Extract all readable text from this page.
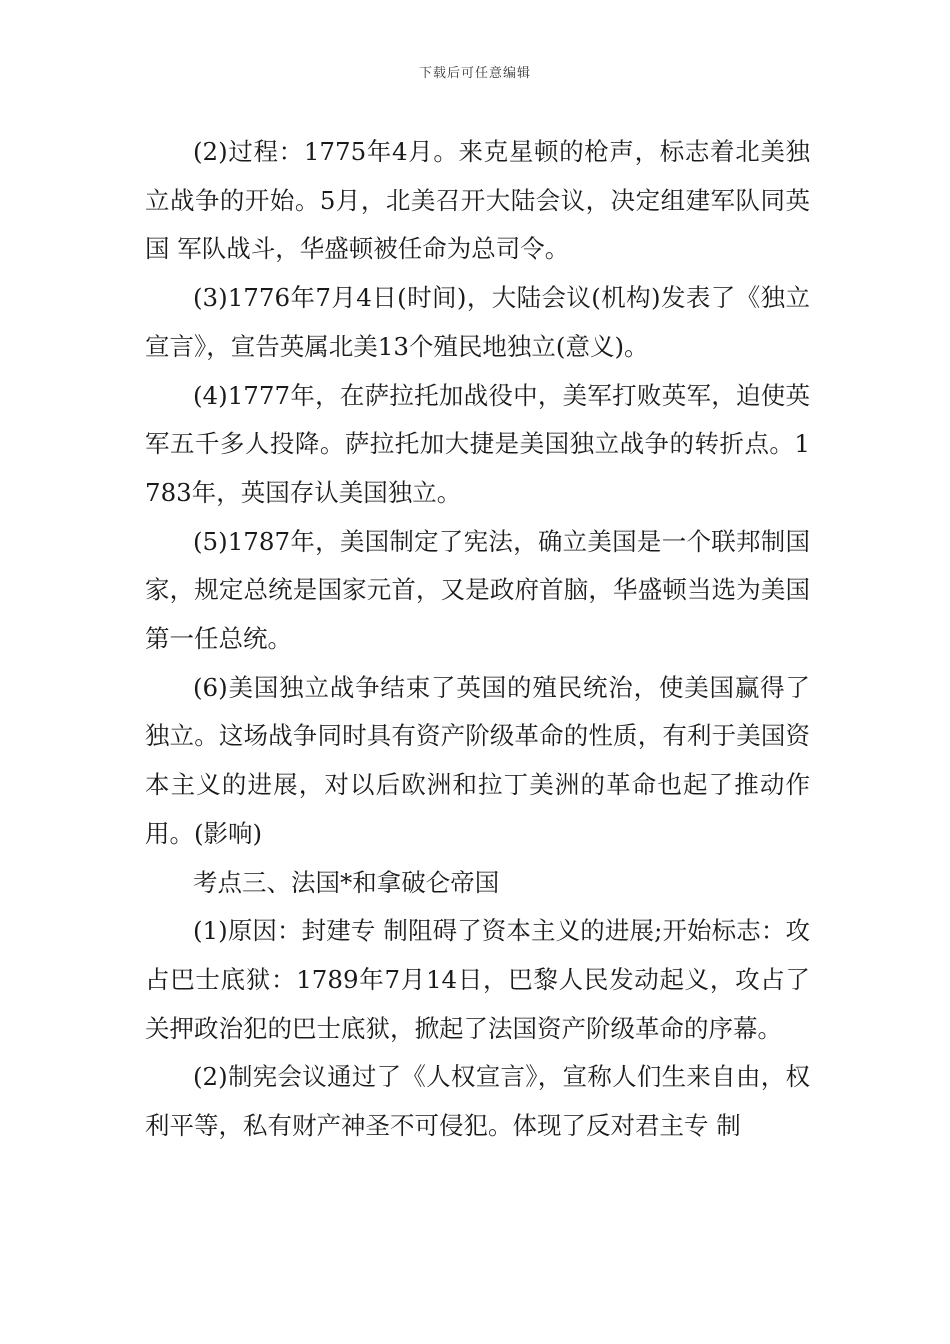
下载后可任意编辑

(2)过程：1775年4月。来克星顿的枪声，标志着北美独立战争的开始。5月，北美召开大陆会议，决定组建军队同英国 军队战斗，华盛顿被任命为总司令。

(3)1776年7月4日(时间)，大陆会议(机构)发表了《独立宣言》，宣告英属北美13个殖民地独立(意义)。

(4)1777年，在萨拉托加战役中，美军打败英军，迫使英军五千多人投降。萨拉托加大捷是美国独立战争的转折点。1783年，英国存认美国独立。

(5)1787年，美国制定了宪法，确立美国是一个联邦制国家，规定总统是国家元首，又是政府首脑，华盛顿当选为美国第一任总统。

(6)美国独立战争结束了英国的殖民统治，使美国赢得了独立。这场战争同时具有资产阶级革命的性质，有利于美国资本主义的进展，对以后欧洲和拉丁美洲的革命也起了推动作用。(影响)

考点三、法国*和拿破仑帝国

(1)原因：封建专 制阻碍了资本主义的进展;开始标志：攻占巴士底狱：1789年7月14日，巴黎人民发动起义，攻占了关押政治犯的巴士底狱，掀起了法国资产阶级革命的序幕。

(2)制宪会议通过了《人权宣言》，宣称人们生来自由，权利平等，私有财产神圣不可侵犯。体现了反对君主专 制
